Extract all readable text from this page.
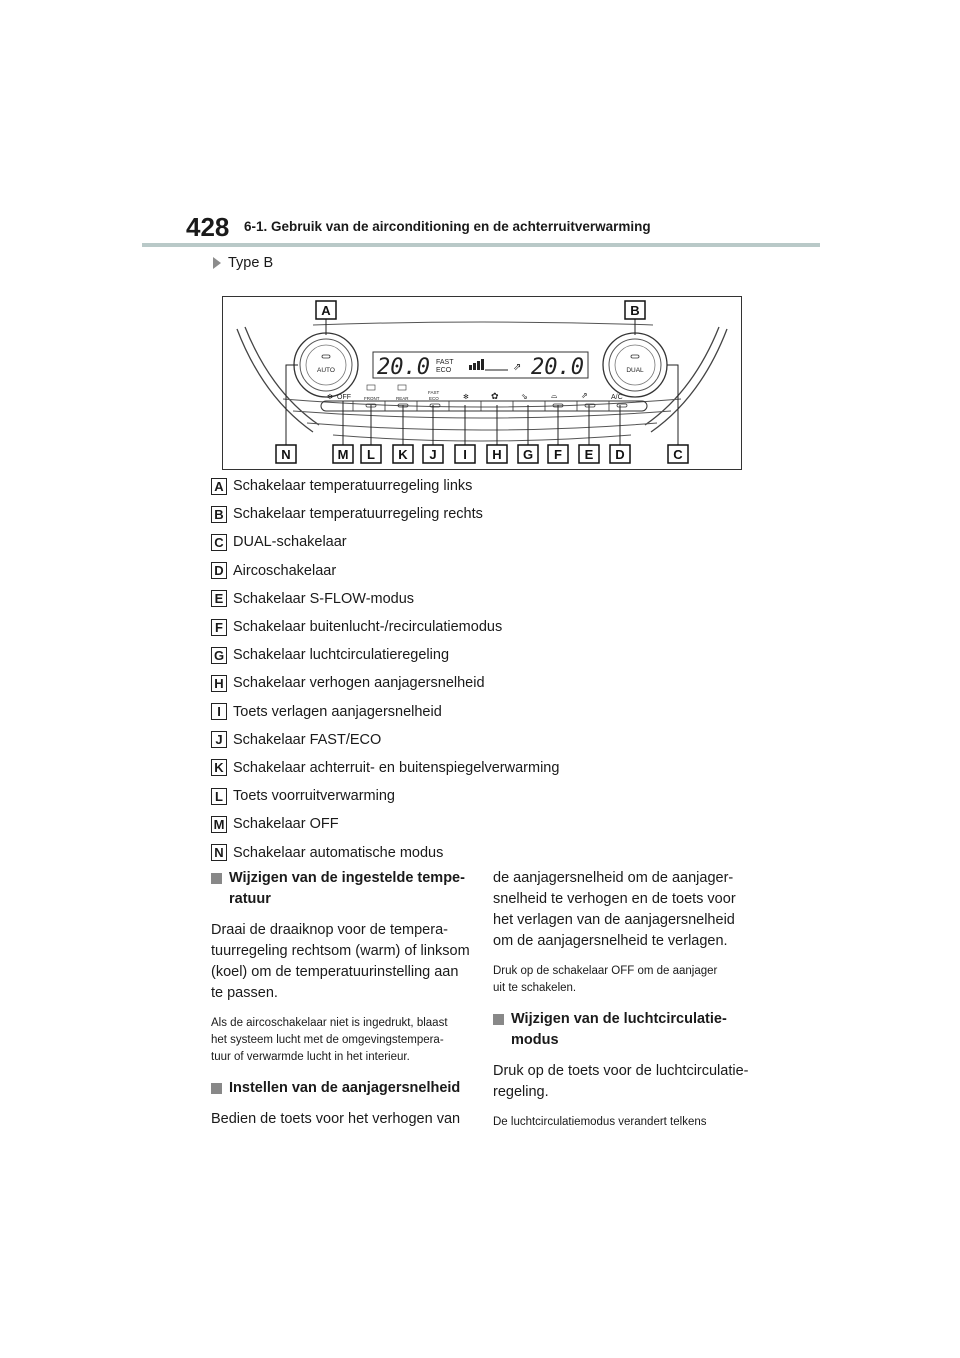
428 6-1. Gebruik van de airconditioning en de achterruitverwarming
Type B
AUTO	DUAL
20.0 FAST
ECO	⇗ 20.0
✻ OFF	FRONT	REAR
FAST
ECO	✻ ✿	⇘	⌓	⇗	A/C
A	B
N	M L K J I H G F E D	C
A Schakelaar temperatuurregeling links
B Schakelaar temperatuurregeling rechts
C DUAL-schakelaar
D Aircoschakelaar
E Schakelaar S-FLOW-modus
F Schakelaar buitenlucht-/recirculatiemodus
G Schakelaar luchtcirculatieregeling
H Schakelaar verhogen aanjagersnelheid
I Toets verlagen aanjagersnelheid
J Schakelaar FAST/ECO
K Schakelaar achterruit- en buitenspiegelverwarming
L Toets voorruitverwarming
M Schakelaar OFF
N Schakelaar automatische modus
Wijzigen van de ingestelde tempe-
ratuur

Draai de draaiknop voor de tempera-
tuurregeling rechtsom (warm) of linksom
(koel) om de temperatuurinstelling aan
te passen.

Als de aircoschakelaar niet is ingedrukt, blaast
het systeem lucht met de omgevingstempera-
tuur of verwarmde lucht in het interieur.

Instellen van de aanjagersnelheid

Bedien de toets voor het verhogen van

de aanjagersnelheid om de aanjager-
snelheid te verhogen en de toets voor
het verlagen van de aanjagersnelheid
om de aanjagersnelheid te verlagen.

Druk op de schakelaar OFF om de aanjager
uit te schakelen.

Wijzigen van de luchtcirculatie-
modus

Druk op de toets voor de luchtcirculatie-
regeling.

De luchtcirculatiemodus verandert telkens
